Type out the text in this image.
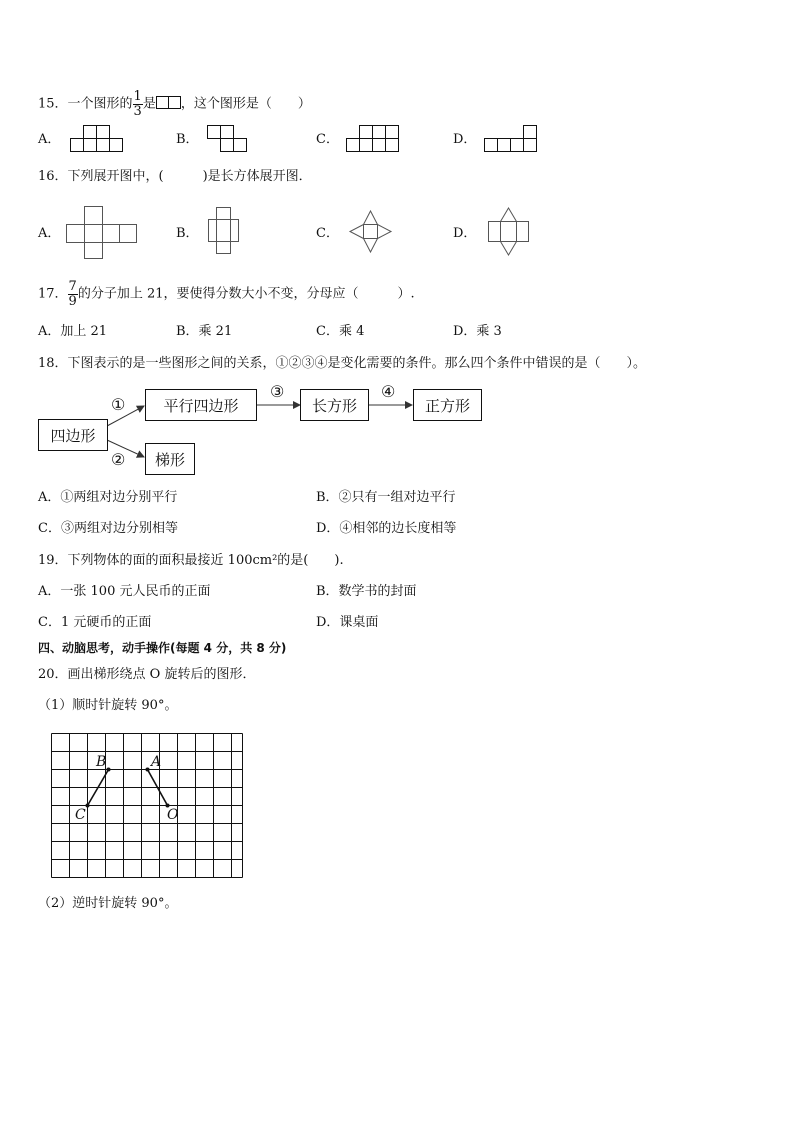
15．一个图形的 $\frac{1}{3}$ 是 ，这个图形是（　　）
A．	B．	C．	D．
16．下列展开图中，(　　　)是长方体展开图．
A．	B．	C．	D．
17． $\frac{7}{9}$ 的分子加上 21，要使得分数大小不变，分母应（　　　）.
A．加上 21	B．乘 21	C．乘 4	D．乘 3
18．下图表示的是一些图形之间的关系，①②③④是变化需要的条件。那么四个条件中错误的是（　　）。
四边形
平行四边形	长方形	正方形
梯形
①
②
③	④
A．①两组对边分别平行	B．②只有一组对边平行
C．③两组对边分别相等	D．④相邻的边长度相等
19．下列物体的面的面积最接近 100cm²的是(　　).
A．一张 100 元人民币的正面	B．数学书的封面
C．1 元硬币的正面	D．课桌面
四、动脑思考，动手操作(每题 4 分，共 8 分)
20．画出梯形绕点 O 旋转后的图形．
（1）顺时针旋转 90°。
B	A
C	O
（2）逆时针旋转 90°。
